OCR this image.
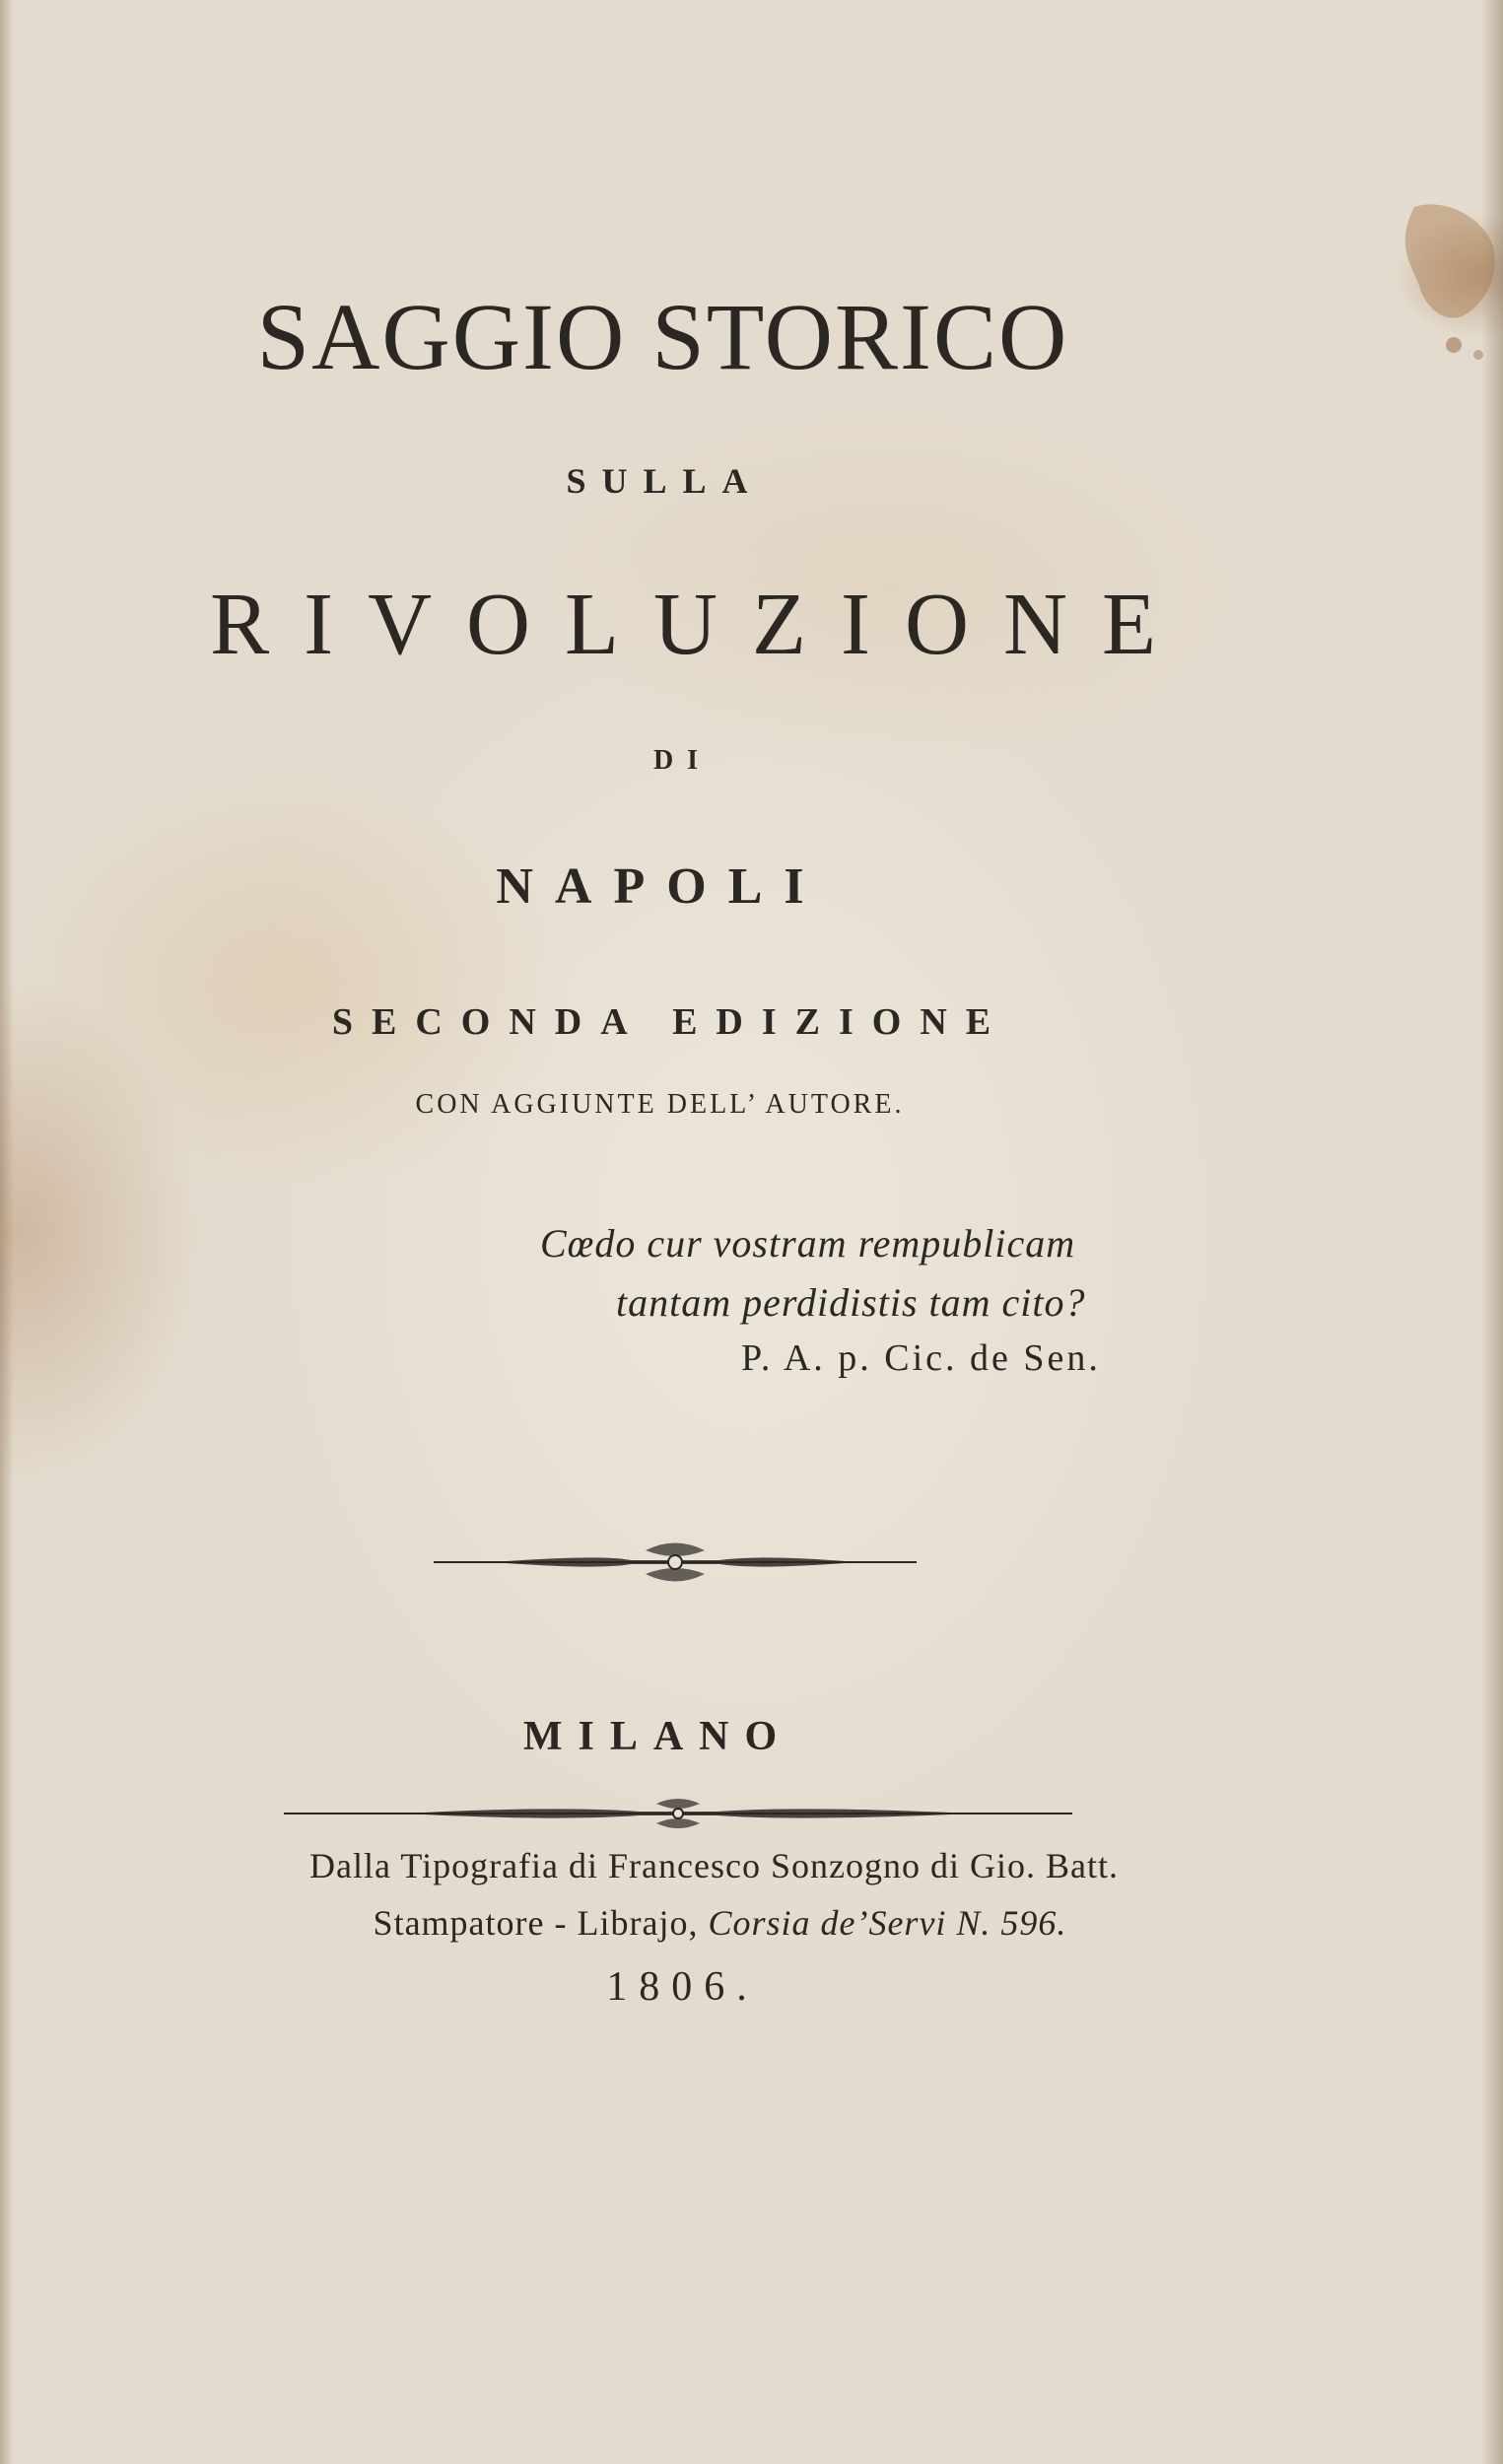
SAGGIO STORICO

SULLA

RIVOLUZIONE

DI

NAPOLI

SECONDA EDIZIONE

CON AGGIUNTE DELL’ AUTORE.

Cœdo cur vostram rempublicam

tantam perdidistis tam cito?

P. A. p. Cic. de Sen.

MILANO

Dalla Tipografia di Francesco Sonzogno di Gio. Batt.

Stampatore - Librajo, Corsia de’Servi N. 596.

1806.
